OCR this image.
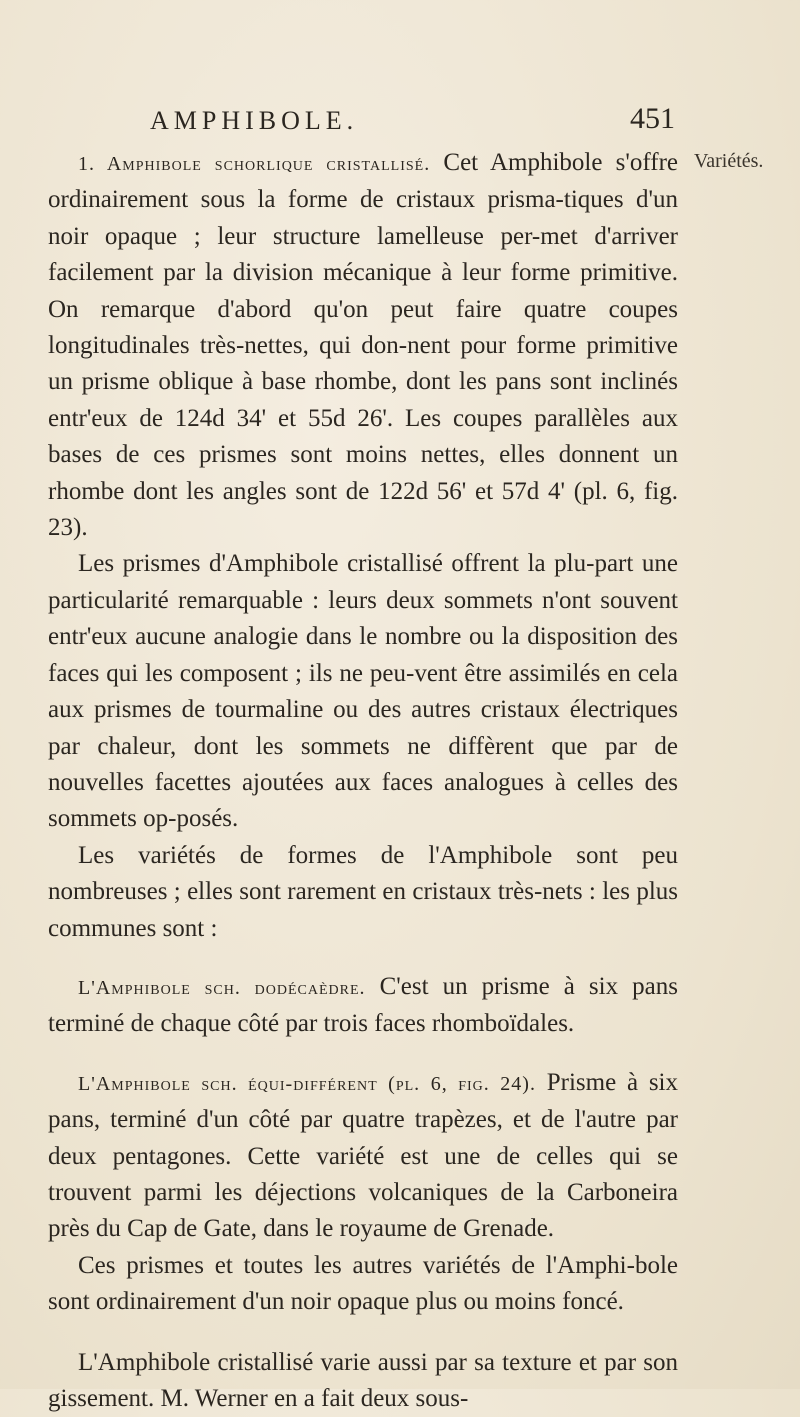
AMPHIBOLE.	451
Variétés.

1. Amphibole schorlique cristallisé. Cet Amphibole s'offre ordinairement sous la forme de cristaux prisma-tiques d'un noir opaque ; leur structure lamelleuse per-met d'arriver facilement par la division mécanique à leur forme primitive. On remarque d'abord qu'on peut faire quatre coupes longitudinales très-nettes, qui don-nent pour forme primitive un prisme oblique à base rhombe, dont les pans sont inclinés entr'eux de 124d 34' et 55d 26'. Les coupes parallèles aux bases de ces prismes sont moins nettes, elles donnent un rhombe dont les angles sont de 122d 56' et 57d 4' (pl. 6, fig. 23).

Les prismes d'Amphibole cristallisé offrent la plu-part une particularité remarquable : leurs deux sommets n'ont souvent entr'eux aucune analogie dans le nombre ou la disposition des faces qui les composent ; ils ne peu-vent être assimilés en cela aux prismes de tourmaline ou des autres cristaux électriques par chaleur, dont les sommets ne diffèrent que par de nouvelles facettes ajoutées aux faces analogues à celles des sommets op-posés.

Les variétés de formes de l'Amphibole sont peu nombreuses ; elles sont rarement en cristaux très-nets : les plus communes sont :

L'Amphibole sch. dodécaèdre. C'est un prisme à six pans terminé de chaque côté par trois faces rhomboïdales.

L'Amphibole sch. équi-différent (pl. 6, fig. 24). Prisme à six pans, terminé d'un côté par quatre trapèzes, et de l'autre par deux pentagones. Cette variété est une de celles qui se trouvent parmi les déjections volcaniques de la Carboneira près du Cap de Gate, dans le royaume de Grenade.

Ces prismes et toutes les autres variétés de l'Amphi-bole sont ordinairement d'un noir opaque plus ou moins foncé.

L'Amphibole cristallisé varie aussi par sa texture et par son gissement. M. Werner en a fait deux sous-
